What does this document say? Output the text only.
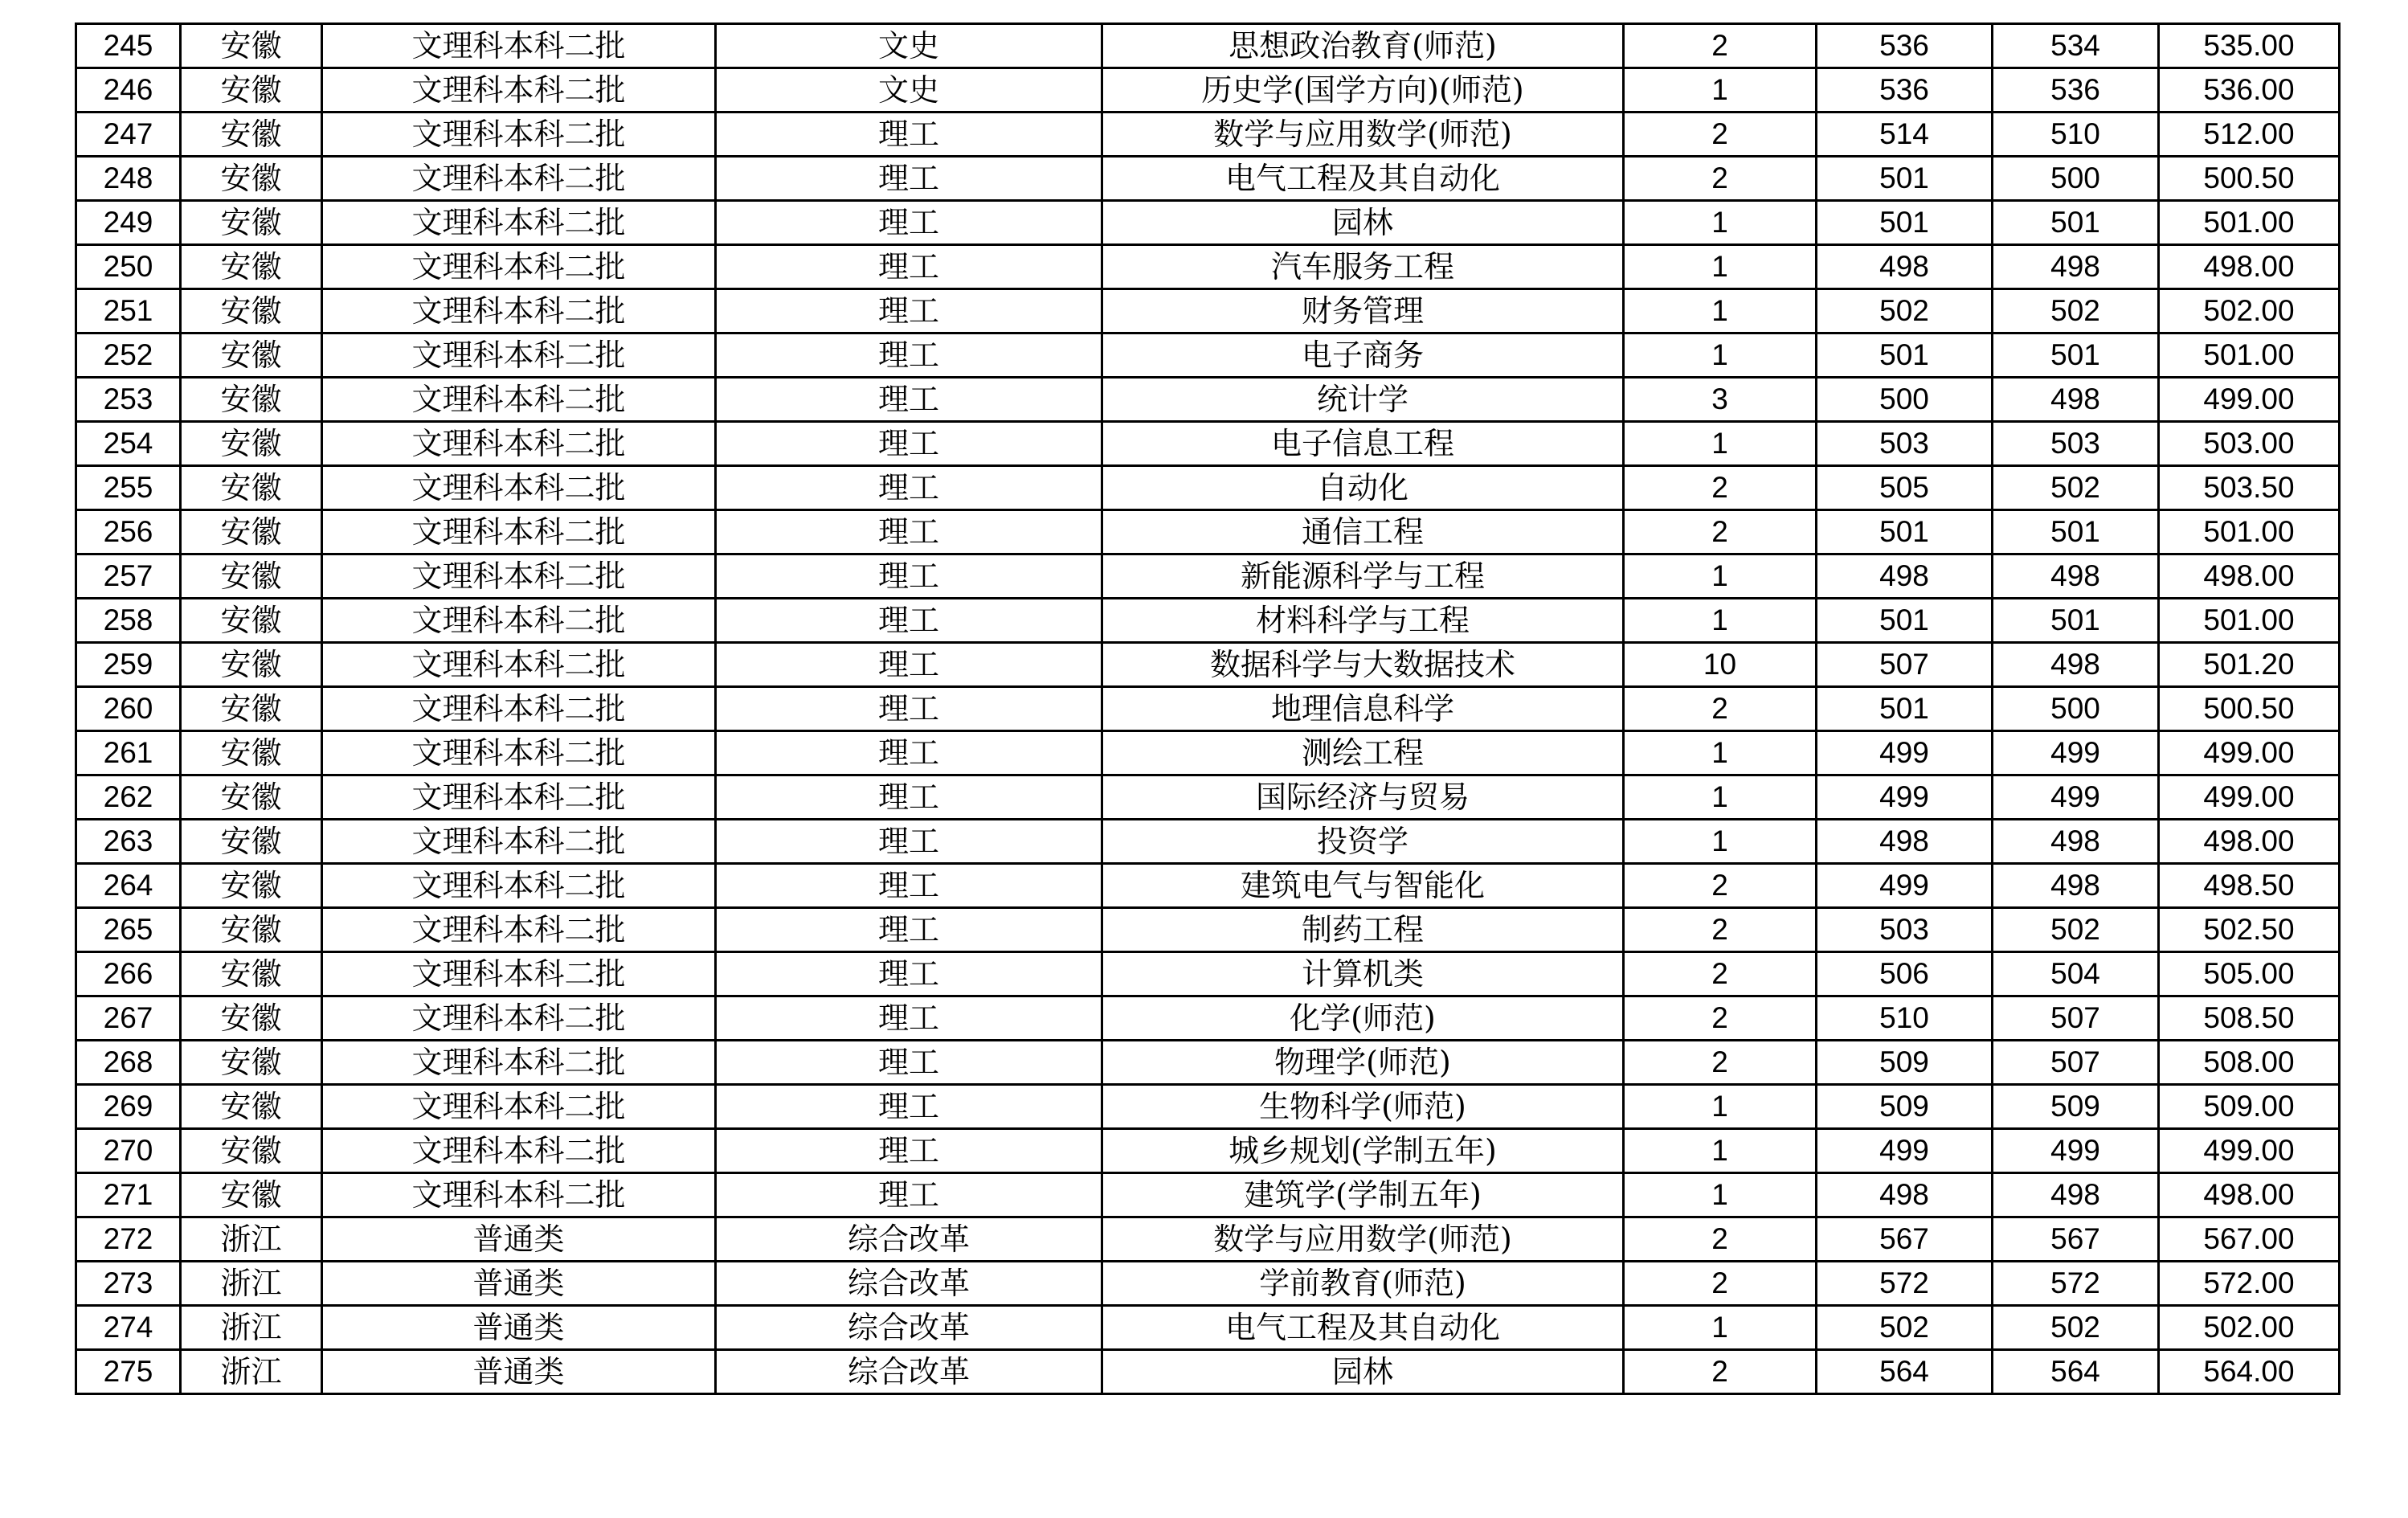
245	安徽	文理科本科二批	文史	思想政治教育(师范)	2	536	534	535.00
246	安徽	文理科本科二批	文史	历史学(国学方向)(师范)	1	536	536	536.00
247	安徽	文理科本科二批	理工	数学与应用数学(师范)	2	514	510	512.00
248	安徽	文理科本科二批	理工	电气工程及其自动化	2	501	500	500.50
249	安徽	文理科本科二批	理工	园林	1	501	501	501.00
250	安徽	文理科本科二批	理工	汽车服务工程	1	498	498	498.00
251	安徽	文理科本科二批	理工	财务管理	1	502	502	502.00
252	安徽	文理科本科二批	理工	电子商务	1	501	501	501.00
253	安徽	文理科本科二批	理工	统计学	3	500	498	499.00
254	安徽	文理科本科二批	理工	电子信息工程	1	503	503	503.00
255	安徽	文理科本科二批	理工	自动化	2	505	502	503.50
256	安徽	文理科本科二批	理工	通信工程	2	501	501	501.00
257	安徽	文理科本科二批	理工	新能源科学与工程	1	498	498	498.00
258	安徽	文理科本科二批	理工	材料科学与工程	1	501	501	501.00
259	安徽	文理科本科二批	理工	数据科学与大数据技术	10	507	498	501.20
260	安徽	文理科本科二批	理工	地理信息科学	2	501	500	500.50
261	安徽	文理科本科二批	理工	测绘工程	1	499	499	499.00
262	安徽	文理科本科二批	理工	国际经济与贸易	1	499	499	499.00
263	安徽	文理科本科二批	理工	投资学	1	498	498	498.00
264	安徽	文理科本科二批	理工	建筑电气与智能化	2	499	498	498.50
265	安徽	文理科本科二批	理工	制药工程	2	503	502	502.50
266	安徽	文理科本科二批	理工	计算机类	2	506	504	505.00
267	安徽	文理科本科二批	理工	化学(师范)	2	510	507	508.50
268	安徽	文理科本科二批	理工	物理学(师范)	2	509	507	508.00
269	安徽	文理科本科二批	理工	生物科学(师范)	1	509	509	509.00
270	安徽	文理科本科二批	理工	城乡规划(学制五年)	1	499	499	499.00
271	安徽	文理科本科二批	理工	建筑学(学制五年)	1	498	498	498.00
272	浙江	普通类	综合改革	数学与应用数学(师范)	2	567	567	567.00
273	浙江	普通类	综合改革	学前教育(师范)	2	572	572	572.00
274	浙江	普通类	综合改革	电气工程及其自动化	1	502	502	502.00
275	浙江	普通类	综合改革	园林	2	564	564	564.00
